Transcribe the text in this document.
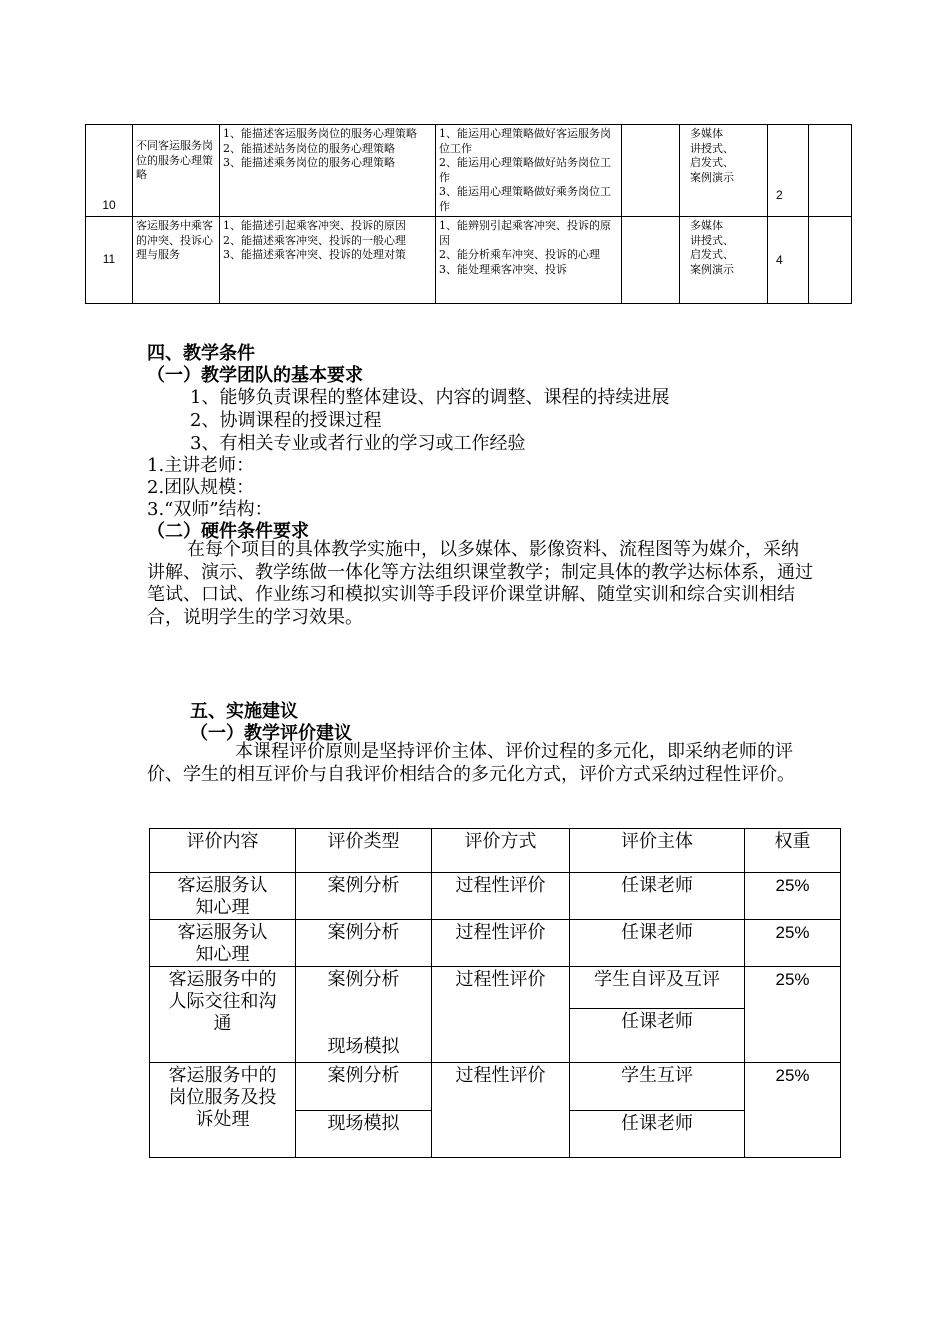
10	不同客运服务岗位的服务心理策略	1、能描述客运服务岗位的服务心理策略
2、能描述站务岗位的服务心理策略
3、能描述乘务岗位的服务心理策略	1、能运用心理策略做好客运服务岗位工作
2、能运用心理策略做好站务岗位工作
3、能运用心理策略做好乘务岗位工作		多媒体
讲授式、
启发式、
案例演示	2	
11	客运服务中乘客的冲突、投诉心理与服务	1、能描述引起乘客冲突、投诉的原因
2、能描述乘客冲突、投诉的一般心理
3、能描述乘客冲突、投诉的处理对策	1、能辨别引起乘客冲突、投诉的原因
2、能分析乘车冲突、投诉的心理
3、能处理乘客冲突、投诉		多媒体
讲授式、
启发式、
案例演示	4	
四、教学条件
（一）教学团队的基本要求
1、能够负责课程的整体建设、内容的调整、课程的持续进展
2、协调课程的授课过程
3、有相关专业或者行业的学习或工作经验
1.主讲老师：
2.团队规模：
3.“双师”结构：
（二）硬件条件要求
在每个项目的具体教学实施中，以多媒体、影像资料、流程图等为媒介，采纳讲解、演示、教学练做一体化等方法组织课堂教学；制定具体的教学达标体系，通过笔试、口试、作业练习和模拟实训等手段评价课堂讲解、随堂实训和综合实训相结合，说明学生的学习效果。
五、实施建议
（一）教学评价建议
本课程评价原则是坚持评价主体、评价过程的多元化，即采纳老师的评价、学生的相互评价与自我评价相结合的多元化方式，评价方式采纳过程性评价。
评价内容	评价类型	评价方式	评价主体	权重
客运服务认知心理	案例分析	过程性评价	任课老师	25%
客运服务认知心理	案例分析	过程性评价	任课老师	25%
客运服务中的人际交往和沟通	案例分析	过程性评价	学生自评及互评	25%
	现场模拟		任课老师	
客运服务中的岗位服务及投诉处理	案例分析	过程性评价	学生互评	25%
	现场模拟		任课老师	
